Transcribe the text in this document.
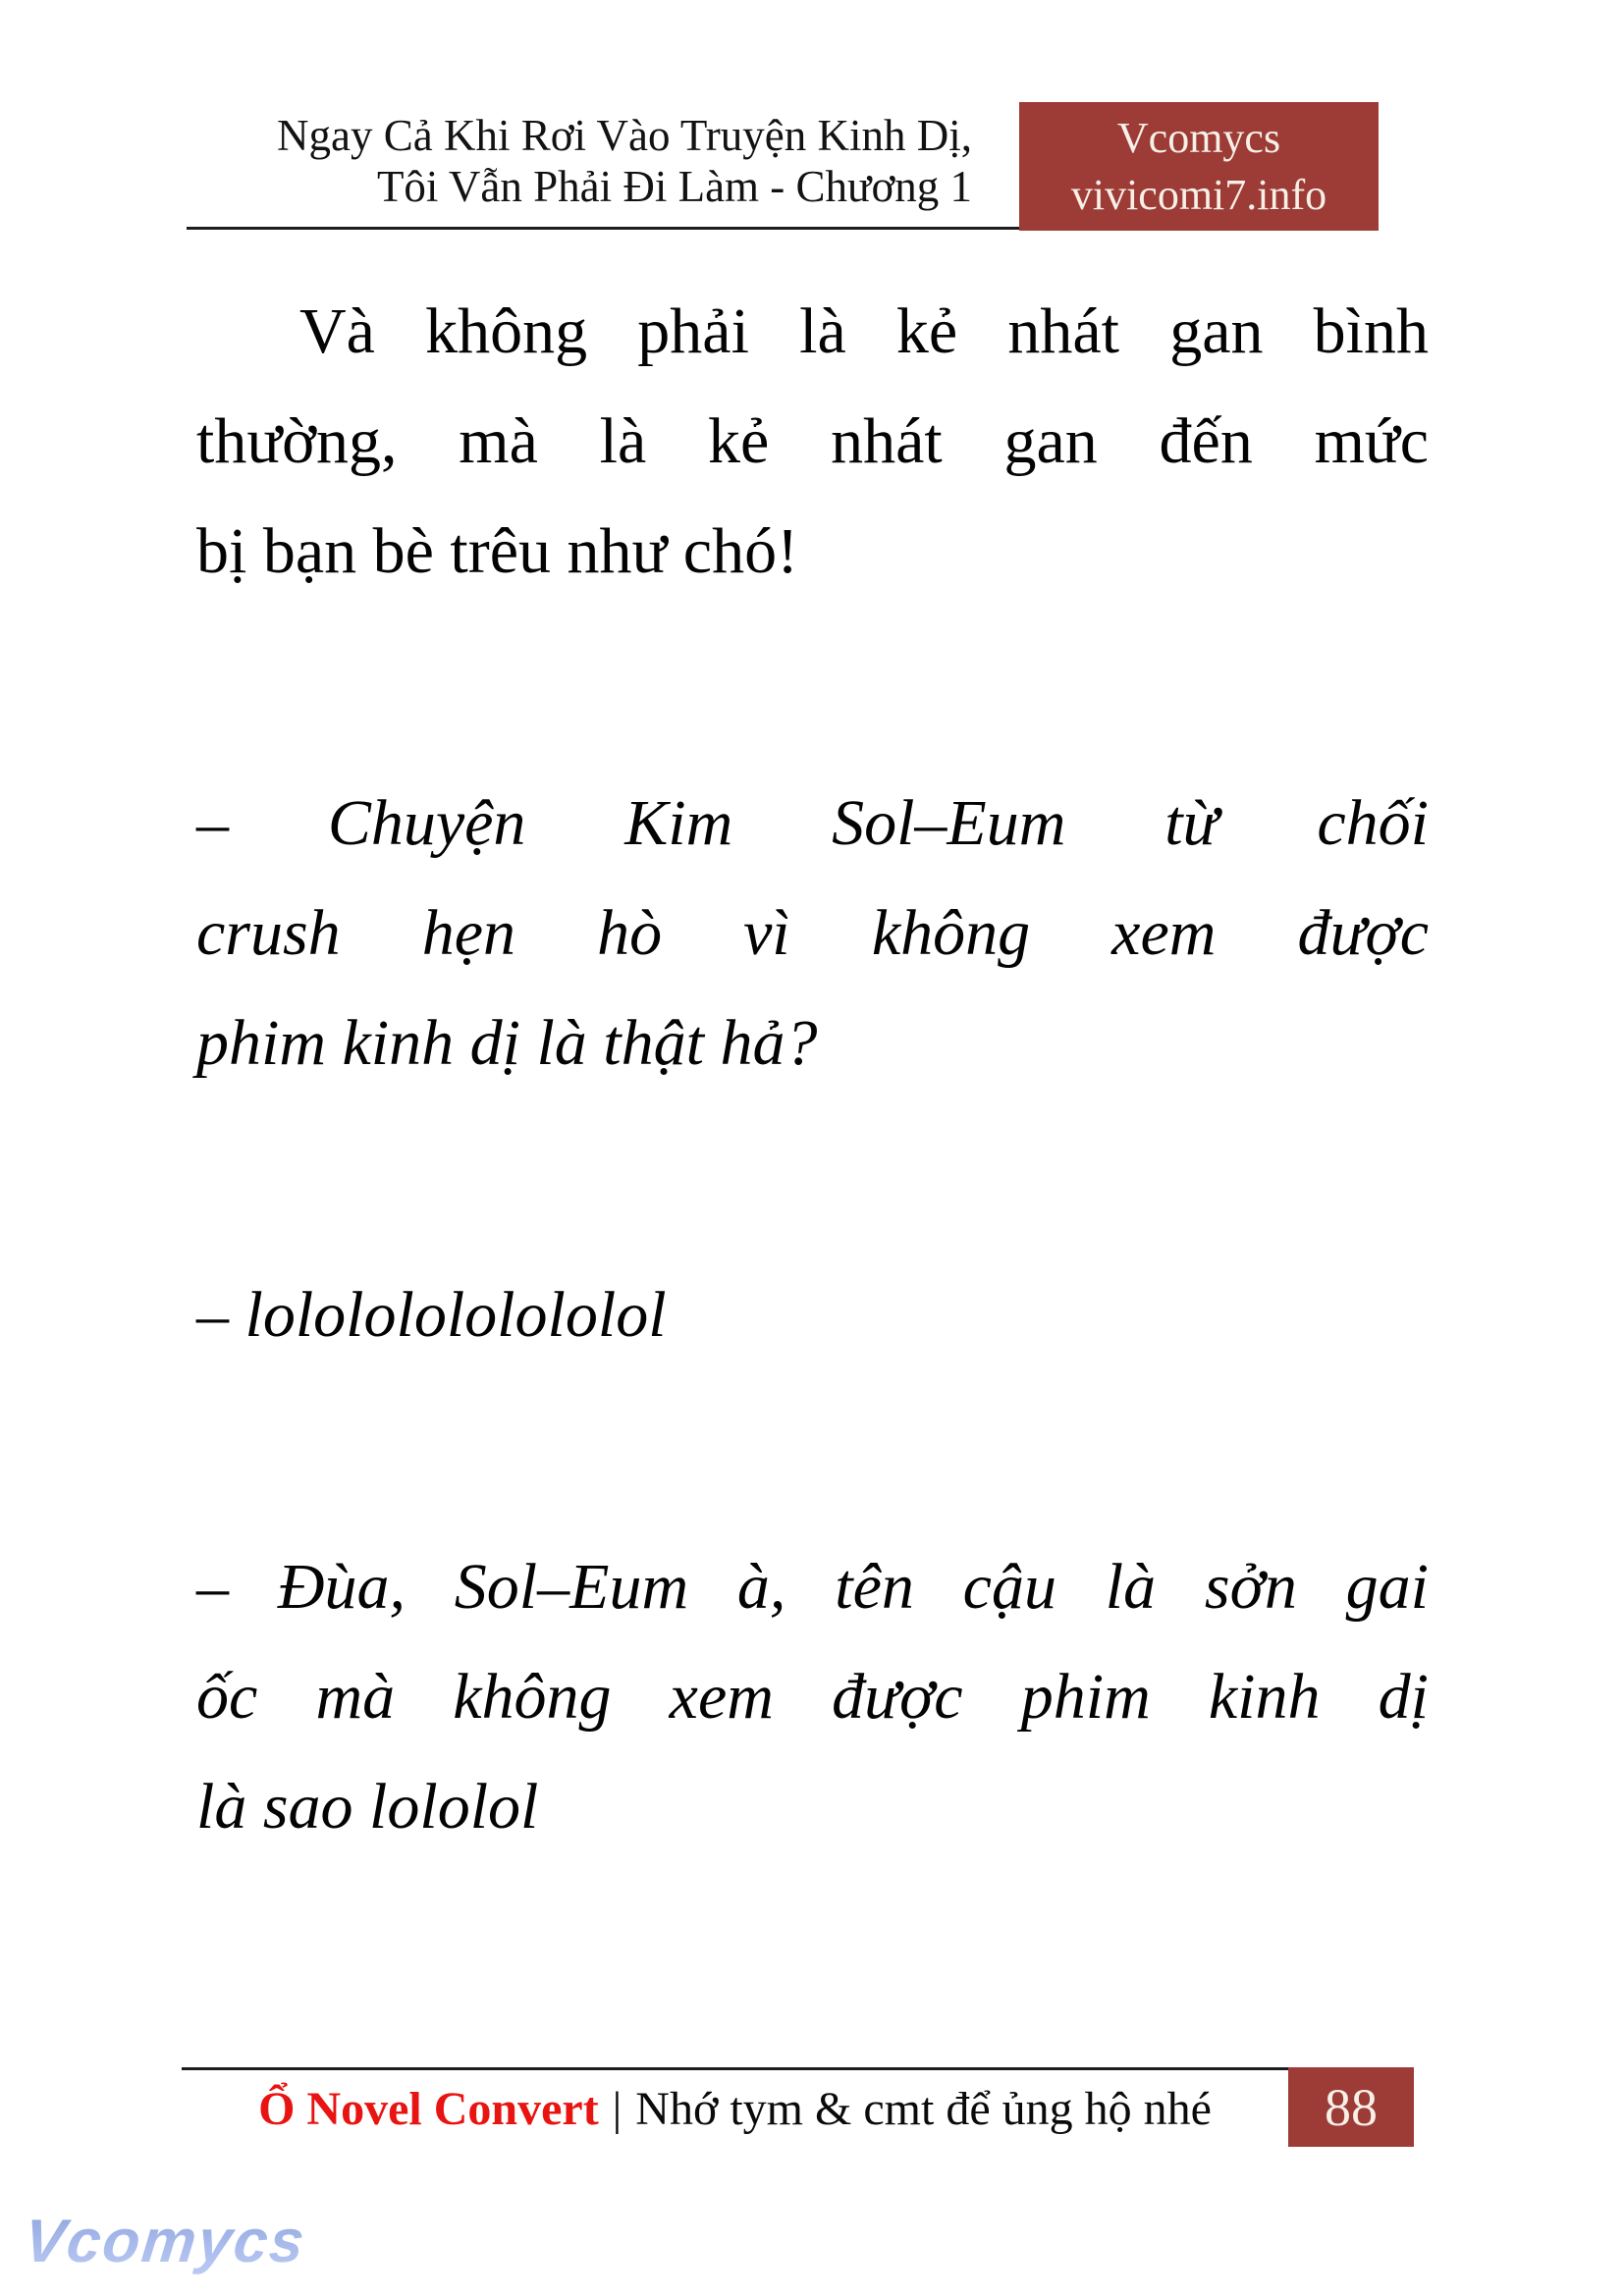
Ngay Cả Khi Rơi Vào Truyện Kinh Dị,
Tôi Vẫn Phải Đi Làm - Chương 1
Vcomycs
vivicomi7.info
Và không phải là kẻ nhát gan bình
thường, mà là kẻ nhát gan đến mức
bị bạn bè trêu như chó!
– Chuyện Kim Sol–Eum từ chối
crush hẹn hò vì không xem được
phim kinh dị là thật hả?
– lolololololololol
– Đùa, Sol–Eum à, tên cậu là sởn gai
ốc mà không xem được phim kinh dị
là sao lololol
Ổ Novel Convert | Nhớ tym & cmt để ủng hộ nhé	88
Vcomycs
